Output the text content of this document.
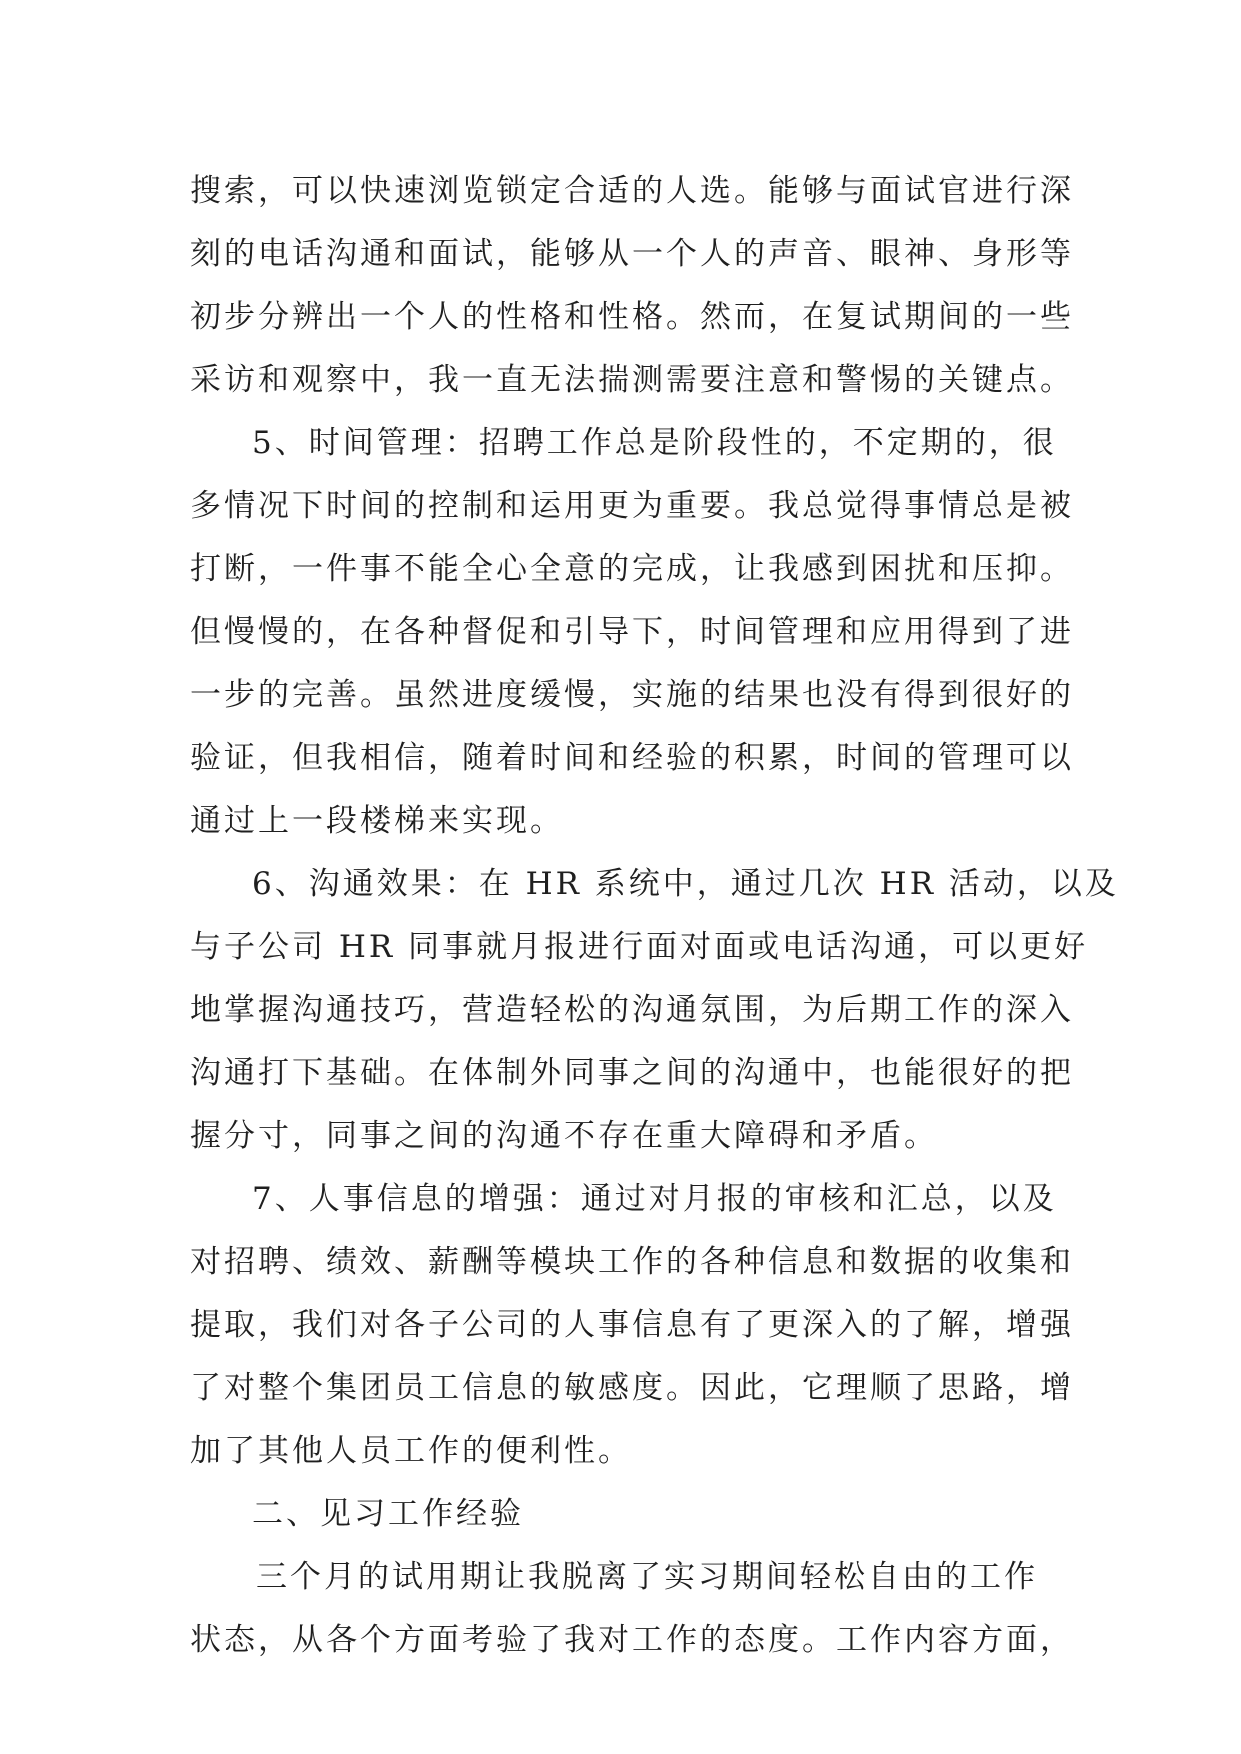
搜索，可以快速浏览锁定合适的人选。能够与面试官进行深
刻的电话沟通和面试，能够从一个人的声音、眼神、身形等
初步分辨出一个人的性格和性格。然而，在复试期间的一些
采访和观察中，我一直无法揣测需要注意和警惕的关键点。
5、时间管理：招聘工作总是阶段性的，不定期的，很
多情况下时间的控制和运用更为重要。我总觉得事情总是被
打断，一件事不能全心全意的完成，让我感到困扰和压抑。
但慢慢的，在各种督促和引导下，时间管理和应用得到了进
一步的完善。虽然进度缓慢，实施的结果也没有得到很好的
验证，但我相信，随着时间和经验的积累，时间的管理可以
通过上一段楼梯来实现。
6、沟通效果：在 HR 系统中，通过几次 HR 活动，以及
与子公司 HR 同事就月报进行面对面或电话沟通，可以更好
地掌握沟通技巧，营造轻松的沟通氛围，为后期工作的深入
沟通打下基础。在体制外同事之间的沟通中，也能很好的把
握分寸，同事之间的沟通不存在重大障碍和矛盾。
7、人事信息的增强：通过对月报的审核和汇总，以及
对招聘、绩效、薪酬等模块工作的各种信息和数据的收集和
提取，我们对各子公司的人事信息有了更深入的了解，增强
了对整个集团员工信息的敏感度。因此，它理顺了思路，增
加了其他人员工作的便利性。
二、见习工作经验
三个月的试用期让我脱离了实习期间轻松自由的工作
状态，从各个方面考验了我对工作的态度。工作内容方面，
